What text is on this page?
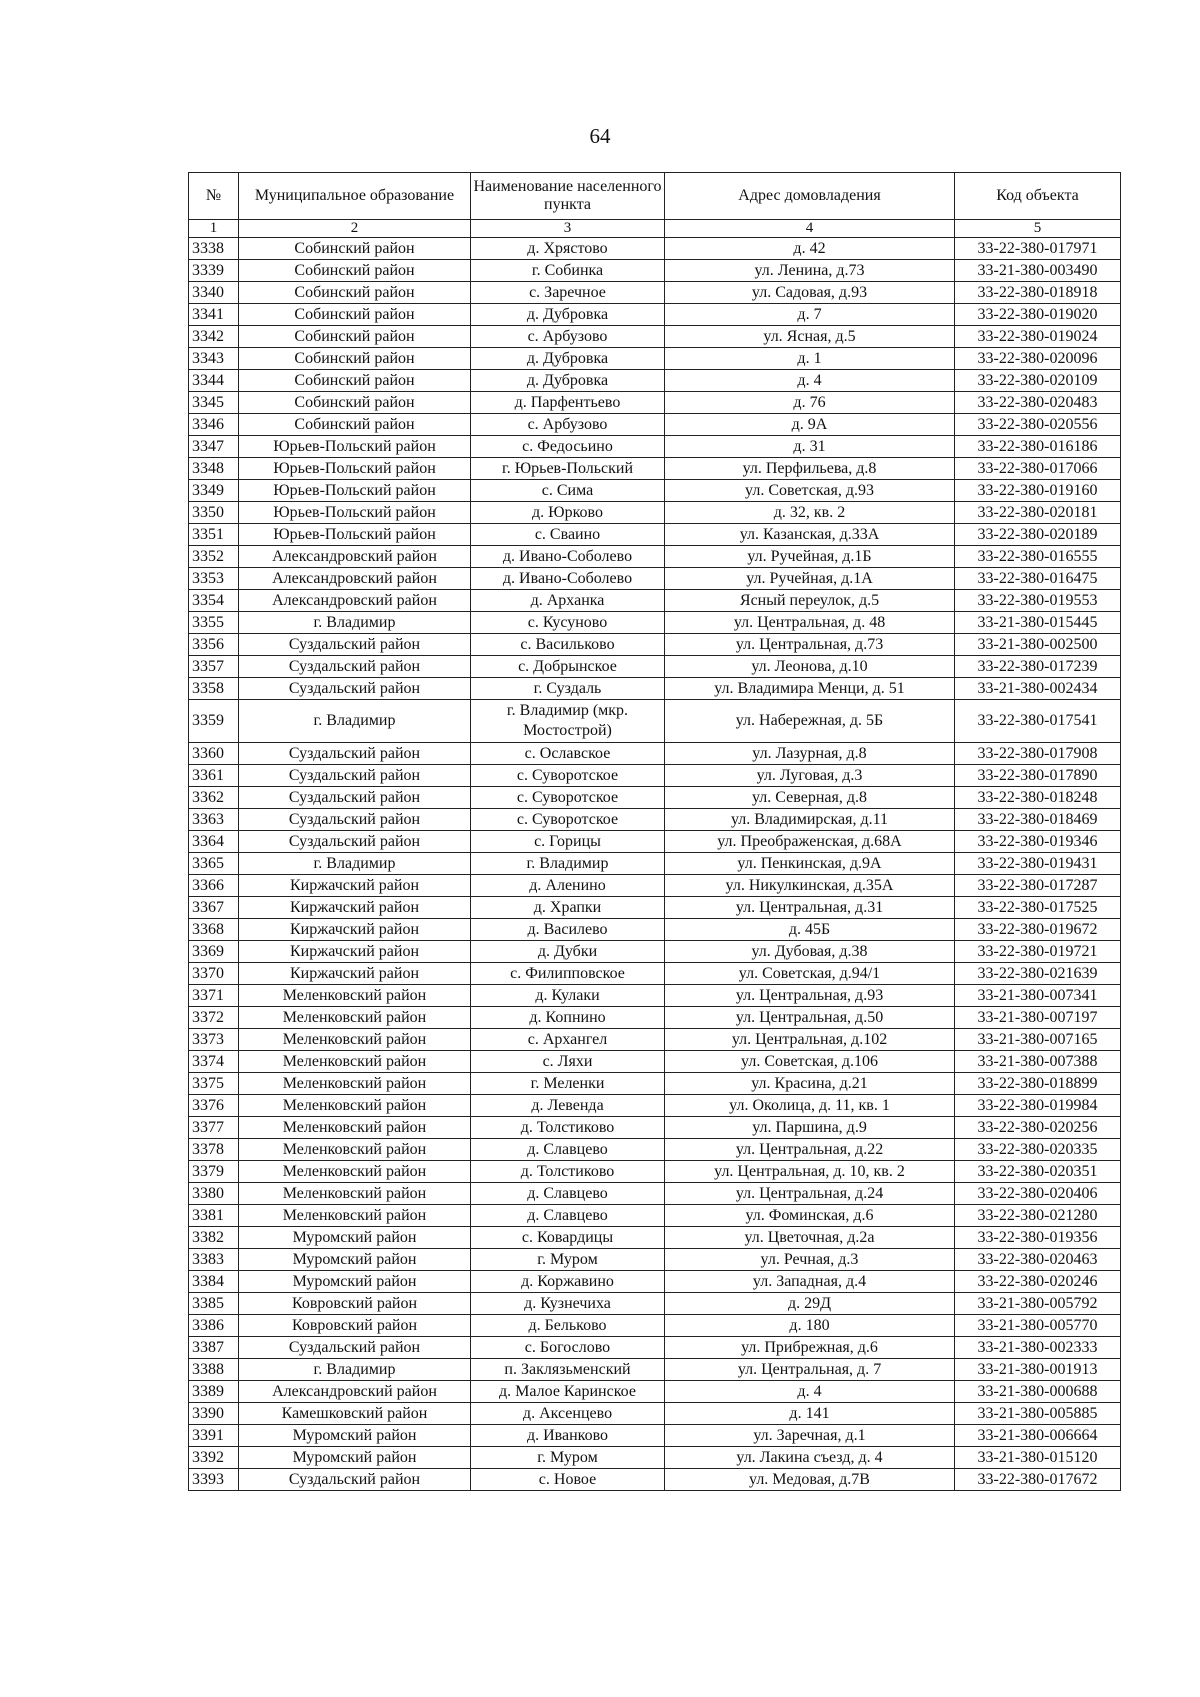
64
№	Муниципальное образование	Наименование населенного пункта	Адрес домовладения	Код объекта
1	2	3	4	5
3338	Собинский район	д. Хрястово	д. 42	33-22-380-017971
3339	Собинский район	г. Собинка	ул. Ленина, д.73	33-21-380-003490
3340	Собинский район	с. Заречное	ул. Садовая, д.93	33-22-380-018918
3341	Собинский район	д. Дубровка	д. 7	33-22-380-019020
3342	Собинский район	с. Арбузово	ул. Ясная, д.5	33-22-380-019024
3343	Собинский район	д. Дубровка	д. 1	33-22-380-020096
3344	Собинский район	д. Дубровка	д. 4	33-22-380-020109
3345	Собинский район	д. Парфентьево	д. 76	33-22-380-020483
3346	Собинский район	с. Арбузово	д. 9А	33-22-380-020556
3347	Юрьев-Польский район	с. Федосьино	д. 31	33-22-380-016186
3348	Юрьев-Польский район	г. Юрьев-Польский	ул. Перфильева, д.8	33-22-380-017066
3349	Юрьев-Польский район	с. Сима	ул. Советская, д.93	33-22-380-019160
3350	Юрьев-Польский район	д. Юрково	д. 32, кв. 2	33-22-380-020181
3351	Юрьев-Польский район	с. Сваино	ул. Казанская, д.33А	33-22-380-020189
3352	Александровский район	д. Ивано-Соболево	ул. Ручейная, д.1Б	33-22-380-016555
3353	Александровский район	д. Ивано-Соболево	ул. Ручейная, д.1А	33-22-380-016475
3354	Александровский район	д. Арханка	Ясный переулок, д.5	33-22-380-019553
3355	г. Владимир	с. Кусуново	ул. Центральная, д. 48	33-21-380-015445
3356	Суздальский район	с. Васильково	ул. Центральная, д.73	33-21-380-002500
3357	Суздальский район	с. Добрынское	ул. Леонова, д.10	33-22-380-017239
3358	Суздальский район	г. Суздаль	ул. Владимира Менци, д. 51	33-21-380-002434
3359	г. Владимир	г. Владимир (мкр. Мостострой)	ул. Набережная, д. 5Б	33-22-380-017541
3360	Суздальский район	с. Ославское	ул. Лазурная, д.8	33-22-380-017908
3361	Суздальский район	с. Суворотское	ул. Луговая, д.3	33-22-380-017890
3362	Суздальский район	с. Суворотское	ул. Северная, д.8	33-22-380-018248
3363	Суздальский район	с. Суворотское	ул. Владимирская, д.11	33-22-380-018469
3364	Суздальский район	с. Горицы	ул. Преображенская, д.68А	33-22-380-019346
3365	г. Владимир	г. Владимир	ул. Пенкинская, д.9А	33-22-380-019431
3366	Киржачский район	д. Аленино	ул. Никулкинская, д.35А	33-22-380-017287
3367	Киржачский район	д. Храпки	ул. Центральная, д.31	33-22-380-017525
3368	Киржачский район	д. Василево	д. 45Б	33-22-380-019672
3369	Киржачский район	д. Дубки	ул. Дубовая, д.38	33-22-380-019721
3370	Киржачский район	с. Филипповское	ул. Советская, д.94/1	33-22-380-021639
3371	Меленковский район	д. Кулаки	ул. Центральная, д.93	33-21-380-007341
3372	Меленковский район	д. Копнино	ул. Центральная, д.50	33-21-380-007197
3373	Меленковский район	с. Архангел	ул. Центральная, д.102	33-21-380-007165
3374	Меленковский район	с. Ляхи	ул. Советская, д.106	33-21-380-007388
3375	Меленковский район	г. Меленки	ул. Красина, д.21	33-22-380-018899
3376	Меленковский район	д. Левенда	ул. Околица, д. 11, кв. 1	33-22-380-019984
3377	Меленковский район	д. Толстиково	ул. Паршина, д.9	33-22-380-020256
3378	Меленковский район	д. Славцево	ул. Центральная, д.22	33-22-380-020335
3379	Меленковский район	д. Толстиково	ул. Центральная, д. 10, кв. 2	33-22-380-020351
3380	Меленковский район	д. Славцево	ул. Центральная, д.24	33-22-380-020406
3381	Меленковский район	д. Славцево	ул. Фоминская, д.6	33-22-380-021280
3382	Муромский район	с. Ковардицы	ул. Цветочная, д.2а	33-22-380-019356
3383	Муромский район	г. Муром	ул. Речная, д.3	33-22-380-020463
3384	Муромский район	д. Коржавино	ул. Западная, д.4	33-22-380-020246
3385	Ковровский район	д. Кузнечиха	д. 29Д	33-21-380-005792
3386	Ковровский район	д. Бельково	д. 180	33-21-380-005770
3387	Суздальский район	с. Богослово	ул. Прибрежная, д.6	33-21-380-002333
3388	г. Владимир	п. Заклязьменский	ул. Центральная, д. 7	33-21-380-001913
3389	Александровский район	д. Малое Каринское	д. 4	33-21-380-000688
3390	Камешковский район	д. Аксенцево	д. 141	33-21-380-005885
3391	Муромский район	д. Иванково	ул. Заречная, д.1	33-21-380-006664
3392	Муромский район	г. Муром	ул. Лакина съезд, д. 4	33-21-380-015120
3393	Суздальский район	с. Новое	ул. Медовая, д.7В	33-22-380-017672
